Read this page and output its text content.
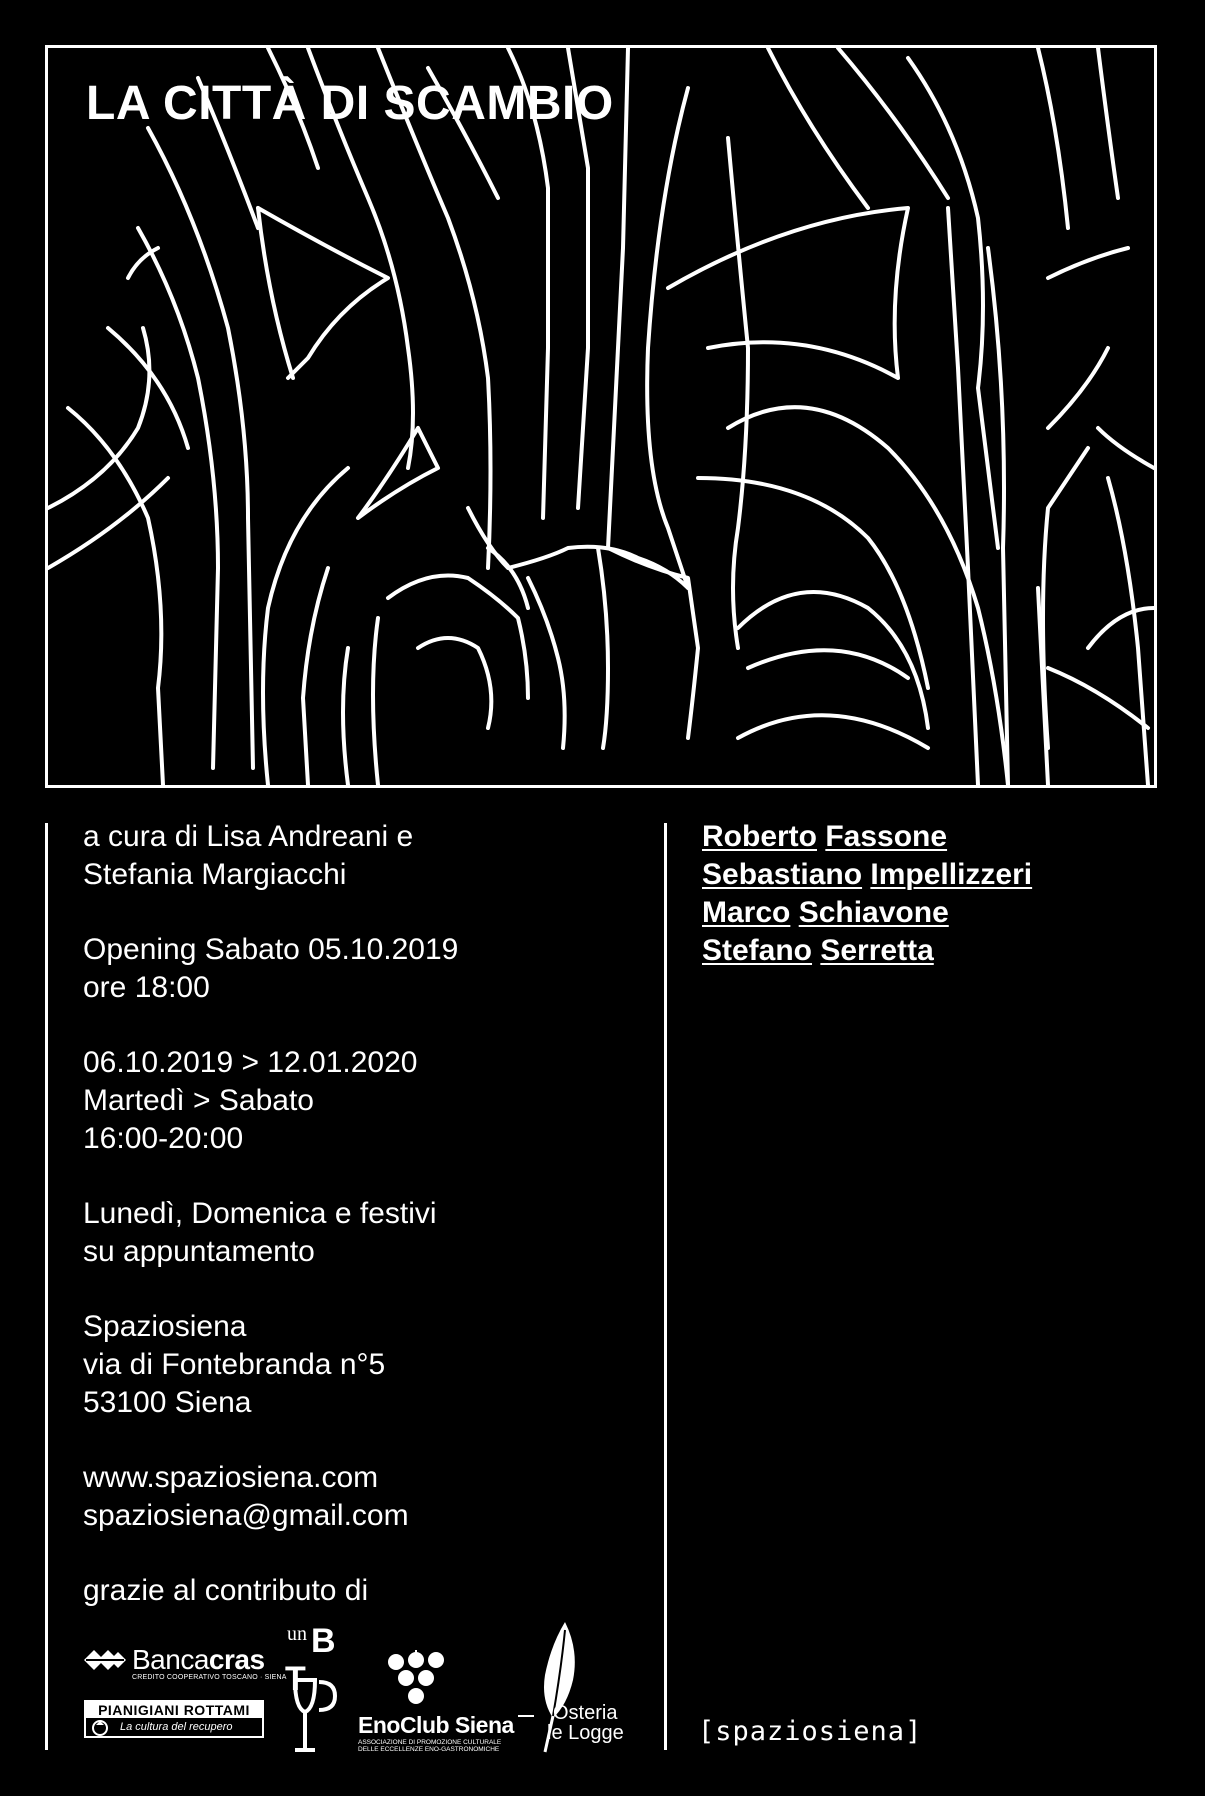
LA CITTÀ DI SCAMBIO

a cura di Lisa Andreani e
Stefania Margiacchi

Opening Sabato 05.10.2019
ore 18:00

06.10.2019 > 12.01.2020
Martedì > Sabato
16:00-20:00

Lunedì, Domenica e festivi
su appuntamento

Spaziosiena
via di Fontebranda n°5
53100 Siena

www.spaziosiena.com
spaziosiena@gmail.com

grazie al contributo di

Roberto Fassone
Sebastiano Impellizzeri
Marco Schiavone
Stefano Serretta
Bancacras
CREDITO COOPERATIVO TOSCANO · SIENA
PIANIGIANI ROTTAMI
La cultura del recupero
un B
T
EnoClub Siena
ASSOCIAZIONE DI PROMOZIONE CULTURALE
DELLE ECCELLENZE ENO-GASTRONOMICHE
Osteria
le Logge	[spaziosiena]
